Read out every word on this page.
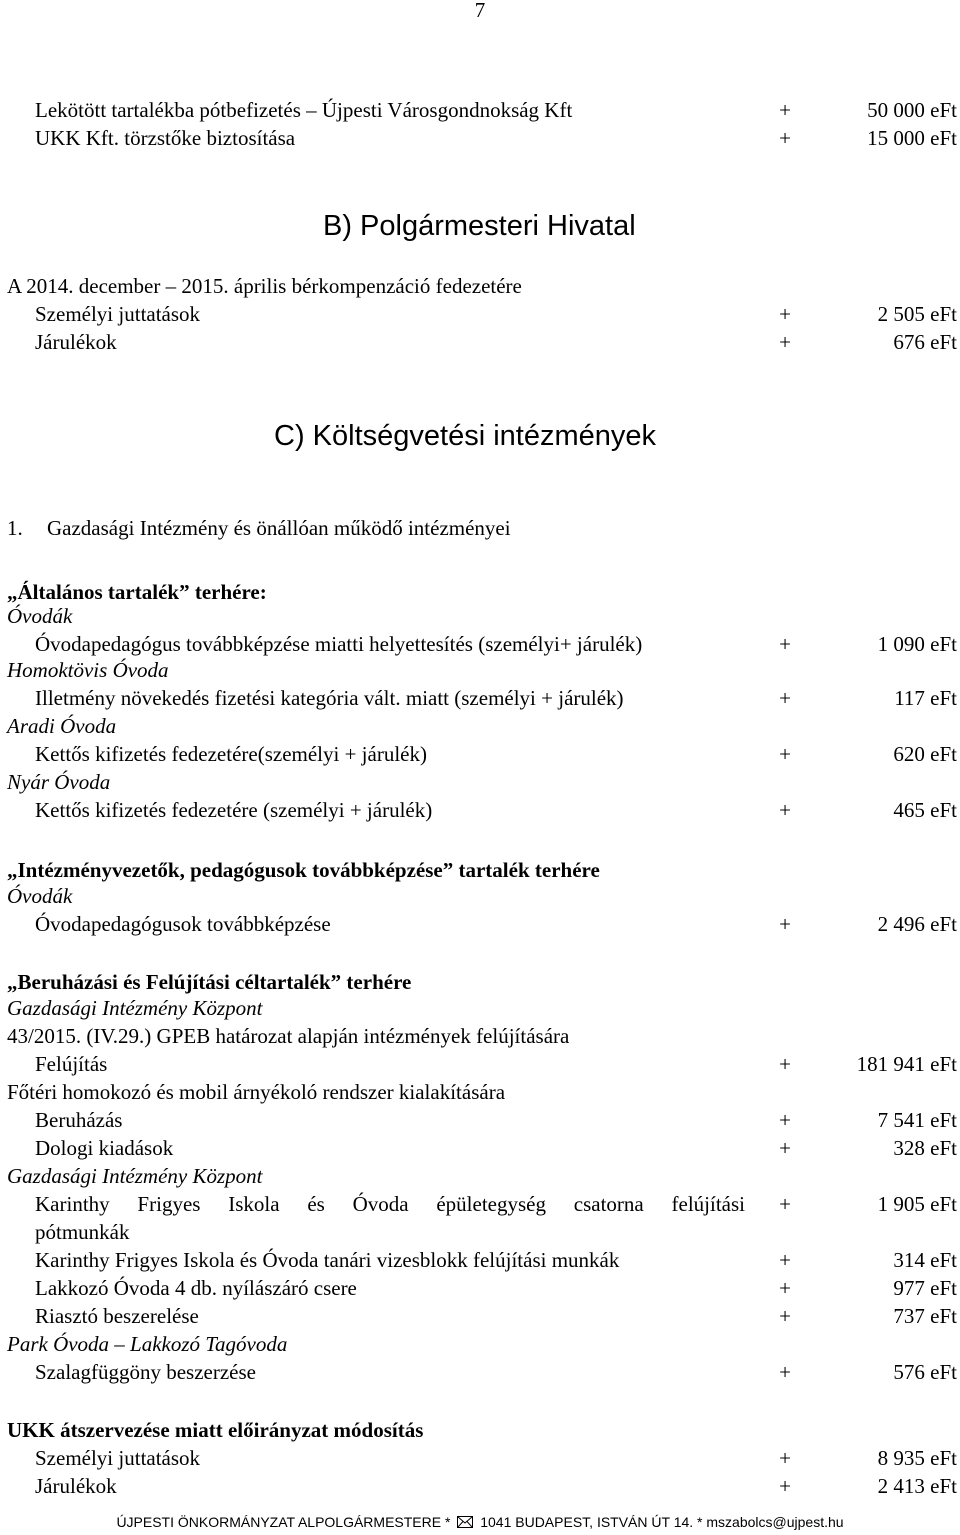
7
Lekötött tartalékba pótbefizetés – Újpesti Városgondnokság Kft	+	50 000 eFt
UKK Kft. törzstőke biztosítása	+	15 000 eFt
B) Polgármesteri Hivatal
A 2014. december – 2015. április bérkompenzáció fedezetére
Személyi juttatások	+	2 505 eFt
Járulékok	+	676 eFt
C) Költségvetési intézmények
1. Gazdasági Intézmény és önállóan működő intézményei
„Általános tartalék” terhére:
Óvodák
Óvodapedagógus továbbképzése miatti helyettesítés (személyi+ járulék)	+	1 090 eFt
Homoktövis Óvoda
Illetmény növekedés fizetési kategória vált. miatt (személyi + járulék)	+	117 eFt
Aradi Óvoda
Kettős kifizetés fedezetére(személyi + járulék)	+	620 eFt
Nyár Óvoda
Kettős kifizetés fedezetére (személyi + járulék)	+	465 eFt
„Intézményvezetők, pedagógusok továbbképzése” tartalék terhére
Óvodák
Óvodapedagógusok továbbképzése	+	2 496 eFt
„Beruházási és Felújítási céltartalék” terhére
Gazdasági Intézmény Központ
43/2015. (IV.29.) GPEB határozat alapján intézmények felújítására
Felújítás	+	181 941 eFt
Főtéri homokozó és mobil árnyékoló rendszer kialakítására
Beruházás	+	7 541 eFt
Dologi kiadások	+	328 eFt
Gazdasági Intézmény Központ
Karinthy Frigyes Iskola és Óvoda épületegység csatorna felújítási +	1 905 eFt
pótmunkák
Karinthy Frigyes Iskola és Óvoda tanári vizesblokk felújítási munkák	+	314 eFt
Lakkozó Óvoda 4 db. nyílászáró csere	+	977 eFt
Riasztó beszerelése	+	737 eFt
Park Óvoda – Lakkozó Tagóvoda
Szalagfüggöny beszerzése	+	576 eFt
UKK átszervezése miatt előirányzat módosítás
Személyi juttatások	+	8 935 eFt
Járulékok	+	2 413 eFt
ÚJPESTI ÖNKORMÁNYZAT ALPOLGÁRMESTERE * 1041 BUDAPEST, ISTVÁN ÚT 14. * mszabolcs@ujpest.hu
